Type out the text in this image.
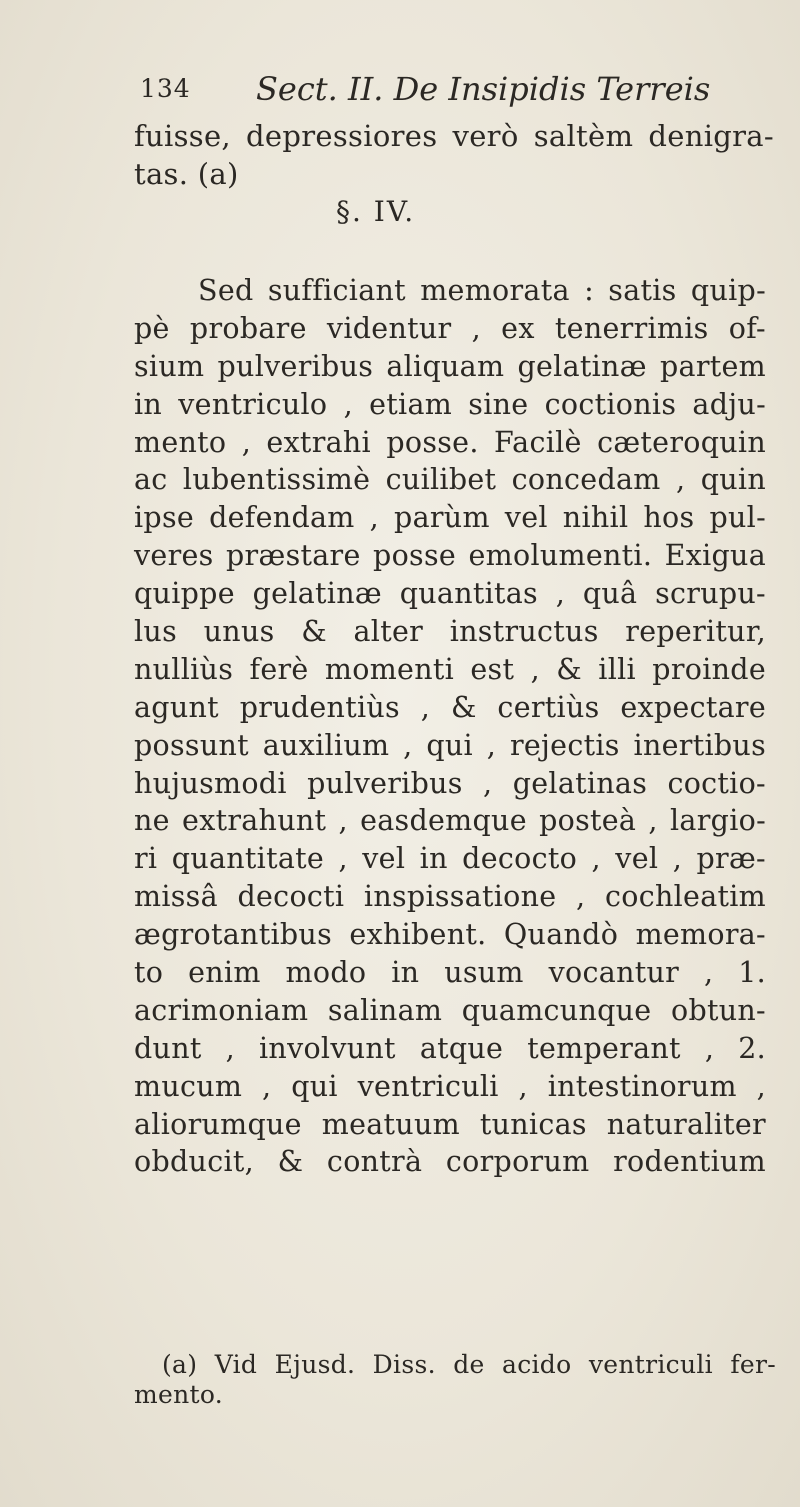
134 Sect. II. De Insipidis Terreis
fuisse, depressiores verò saltèm denigra-
tas. (a)
§. IV.
Sed sufficiant memorata : satis quip-
pè probare videntur , ex tenerrimis of-
sium pulveribus aliquam gelatinæ partem
in ventriculo , etiam sine coctionis adju-
mento , extrahi posse. Facilè cæteroquin
ac lubentissimè cuilibet concedam , quin
ipse defendam , parùm vel nihil hos pul-
veres præstare posse emolumenti. Exigua
quippe gelatinæ quantitas , quâ scrupu-
lus unus & alter instructus reperitur,
nulliùs ferè momenti est , & illi proinde
agunt prudentiùs , & certiùs expectare
possunt auxilium , qui , rejectis inertibus
hujusmodi pulveribus , gelatinas coctio-
ne extrahunt , easdemque posteà , largio-
ri quantitate , vel in decocto , vel , præ-
missâ decocti inspissatione , cochleatim
ægrotantibus exhibent. Quandò memora-
to enim modo in usum vocantur , 1.
acrimoniam salinam quamcunque obtun-
dunt , involvunt atque temperant , 2.
mucum , qui ventriculi , intestinorum ,
aliorumque meatuum tunicas naturaliter
obducit, & contrà corporum rodentium
(a) Vid Ejusd. Diss. de acido ventriculi fer-
mento.
